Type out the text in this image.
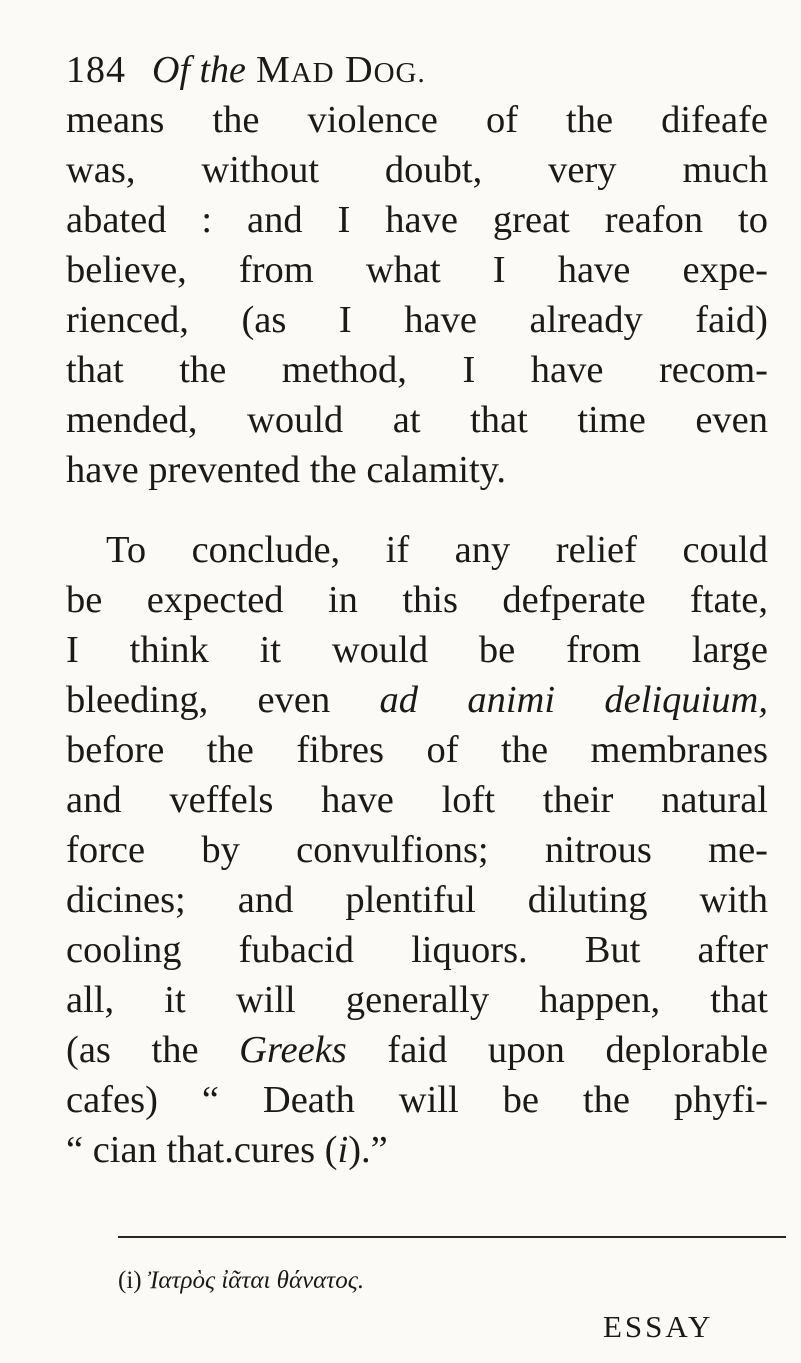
184 Of the MAD DOG.
means the violence of the difeafe
was, without doubt, very much
abated : and I have great reafon to
believe, from what I have expe-
rienced, (as I have already faid)
that the method, I have recom-
mended, would at that time even
have prevented the calamity.
To conclude, if any relief could
be expected in this defperate ftate,
I think it would be from large
bleeding, even ad animi deliquium,
before the fibres of the membranes
and veffels have loft their natural
force by convulfions; nitrous me-
dicines; and plentiful diluting with
cooling fubacid liquors. But after
all, it will generally happen, that
(as the Greeks faid upon deplorable
cafes) “ Death will be the phyfi-
“ cian that.cures (i).”
(i) Ἰατρὸς ἰᾶται θάνατος.
ESSAY
